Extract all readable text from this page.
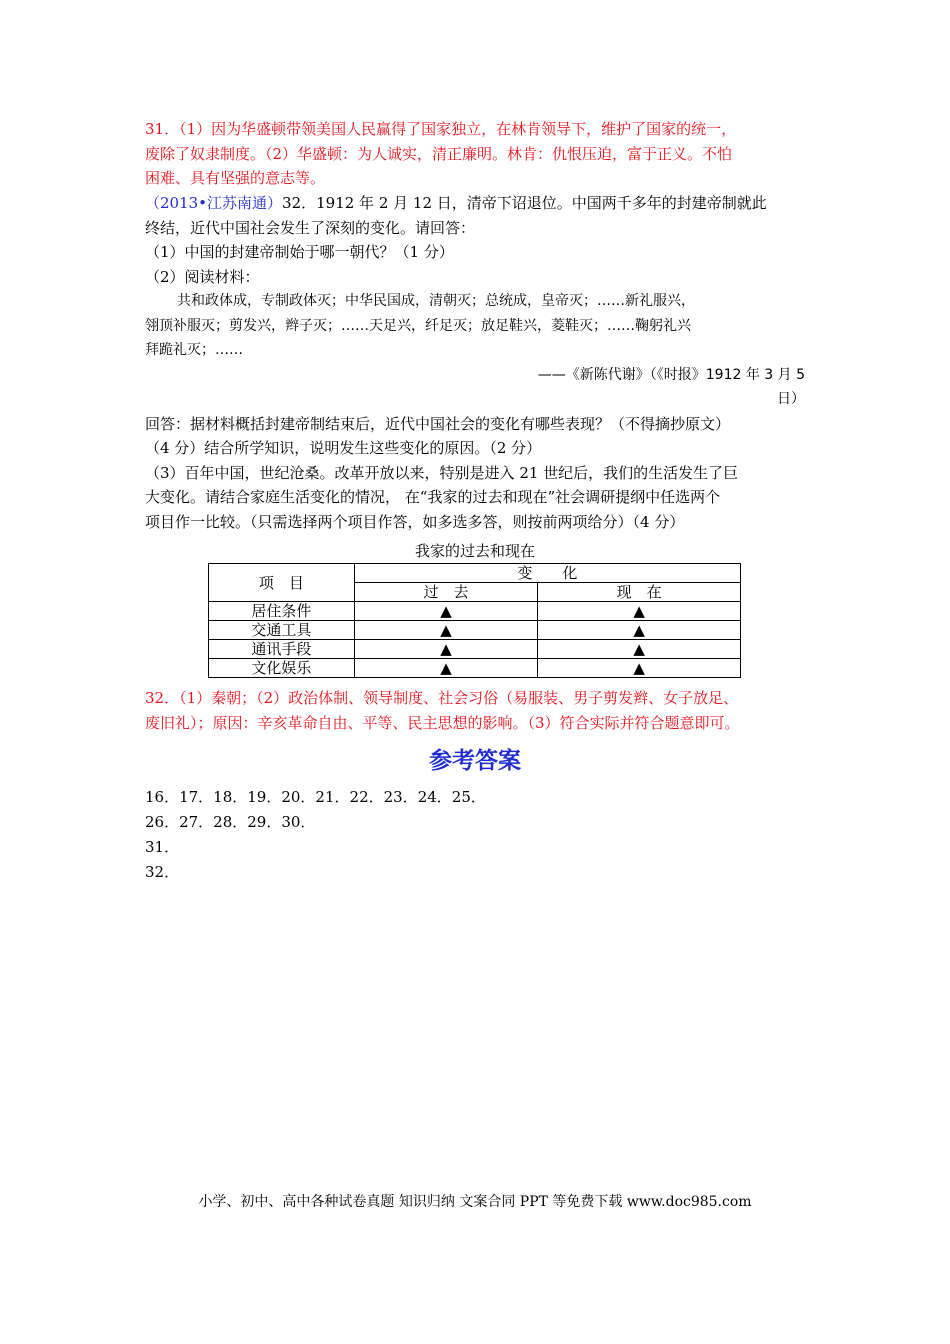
31．（1）因为华盛顿带领美国人民赢得了国家独立，在林肯领导下，维护了国家的统一，
废除了奴隶制度。（2）华盛顿：为人诚实，清正廉明。林肯：仇恨压迫，富于正义。不怕
困难、具有坚强的意志等。
（2013•江苏南通）32．1912 年 2 月 12 日，清帝下诏退位。中国两千多年的封建帝制就此
终结，近代中国社会发生了深刻的变化。请回答：
（1）中国的封建帝制始于哪一朝代？（1 分）
（2）阅读材料：
共和政体成，专制政体灭；中华民国成，清朝灭；总统成，皇帝灭；……新礼服兴，
翎顶补服灭；剪发兴，辫子灭；……天足兴，纤足灭；放足鞋兴，菱鞋灭；……鞠躬礼兴
拜跪礼灭；……
——《新陈代谢》（《时报》1912 年 3 月 5
日）
回答：据材料概括封建帝制结束后，近代中国社会的变化有哪些表现？（不得摘抄原文）
（4 分）结合所学知识，说明发生这些变化的原因。（2 分）
（3）百年中国，世纪沧桑。改革开放以来，特别是进入 21 世纪后，我们的生活发生了巨
大变化。请结合家庭生活变化的情况， 在“我家的过去和现在”社会调研提纲中任选两个
项目作一比较。（只需选择两个项目作答，如多选多答，则按前两项给分）（4 分）
我家的过去和现在
项　目	变　　化	
	过　去	现　在
居住条件	▲	▲
交通工具	▲	▲
通讯手段	▲	▲
文化娱乐	▲	▲
32．（1）秦朝；（2）政治体制、领导制度、社会习俗（易服装、男子剪发辫、女子放足、
废旧礼）；原因：辛亥革命自由、平等、民主思想的影响。（3）符合实际并符合题意即可。
参考答案
16．17．18．19．20．21．22．23．24．25．
26．27．28．29．30．
31．
32．
小学、初中、高中各种试卷真题 知识归纳 文案合同 PPT 等免费下载 www.doc985.com
